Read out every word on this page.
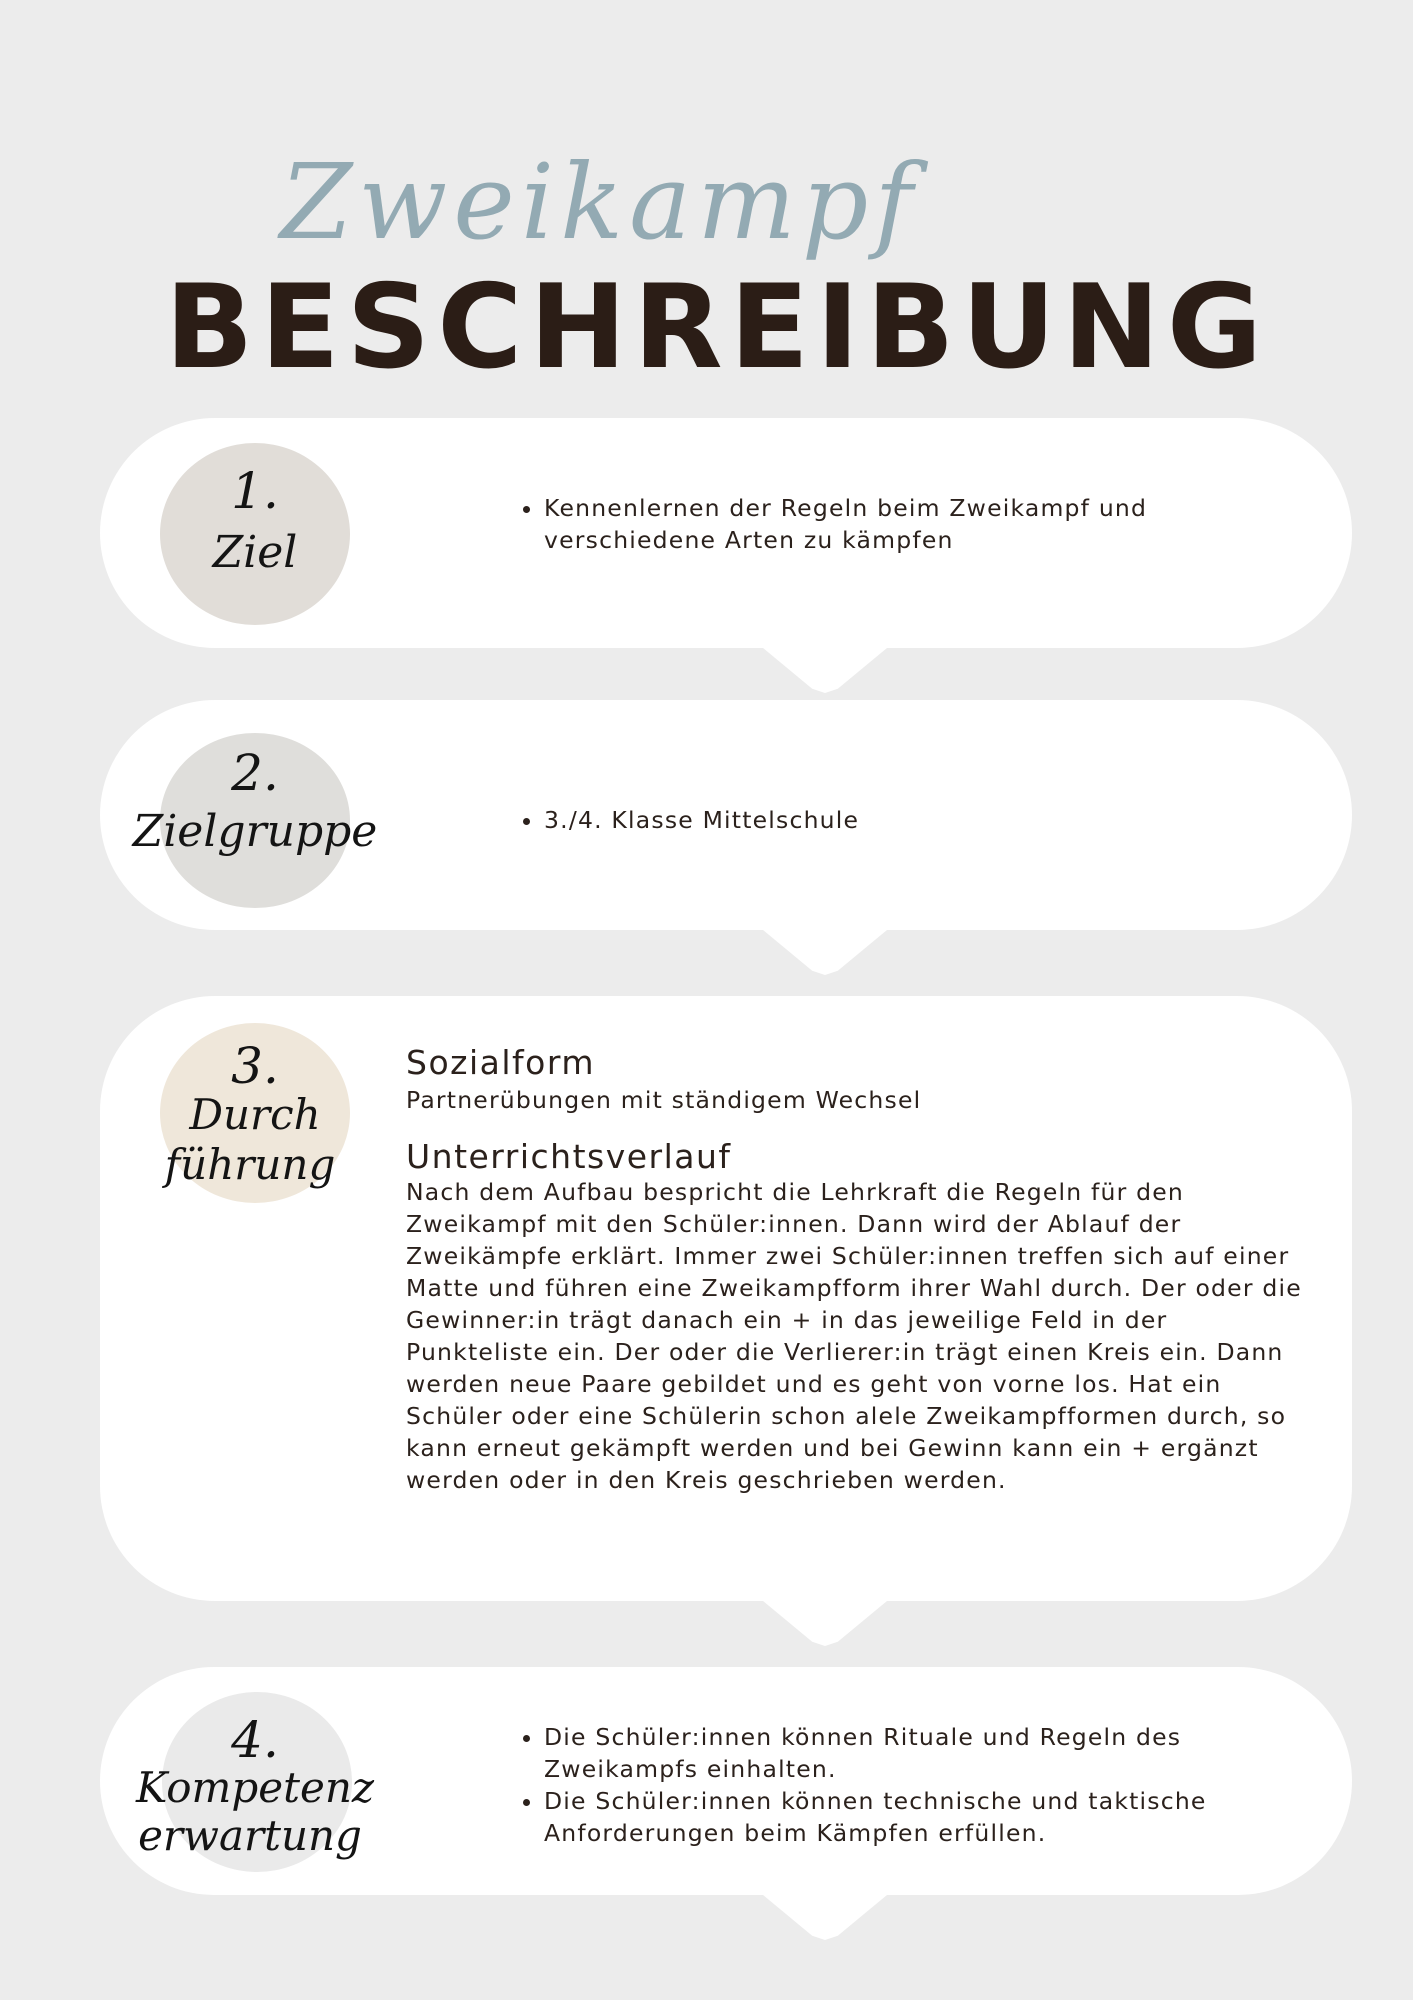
Zweikampf
BESCHREIBUNG
1.
Ziel
• Kennenlernen der Regeln beim Zweikampf und verschiedene Arten zu kämpfen
2.
Zielgruppe
•	3./4. Klasse Mittelschule
3.
Durch
führung
Sozialform
Partnerübungen mit ständigem Wechsel
Unterrichtsverlauf
Nach dem Aufbau bespricht die Lehrkraft die Regeln für den Zweikampf mit den Schüler:innen. Dann wird der Ablauf der Zweikämpfe erklärt. Immer zwei Schüler:innen treffen sich auf einer Matte und führen eine Zweikampfform ihrer Wahl durch. Der oder die Gewinner:in trägt danach ein + in das jeweilige Feld in der Punkteliste ein. Der oder die Verlierer:in trägt einen Kreis ein. Dann werden neue Paare gebildet und es geht von vorne los. Hat ein Schüler oder eine Schülerin schon alele Zweikampfformen durch, so kann erneut gekämpft werden und bei Gewinn kann ein + ergänzt werden oder in den Kreis geschrieben werden.
4.
Kompetenz
erwartung
• Die Schüler:innen können Rituale und Regeln des Zweikampfs einhalten.
• Die Schüler:innen können technische und taktische Anforderungen beim Kämpfen erfüllen.
